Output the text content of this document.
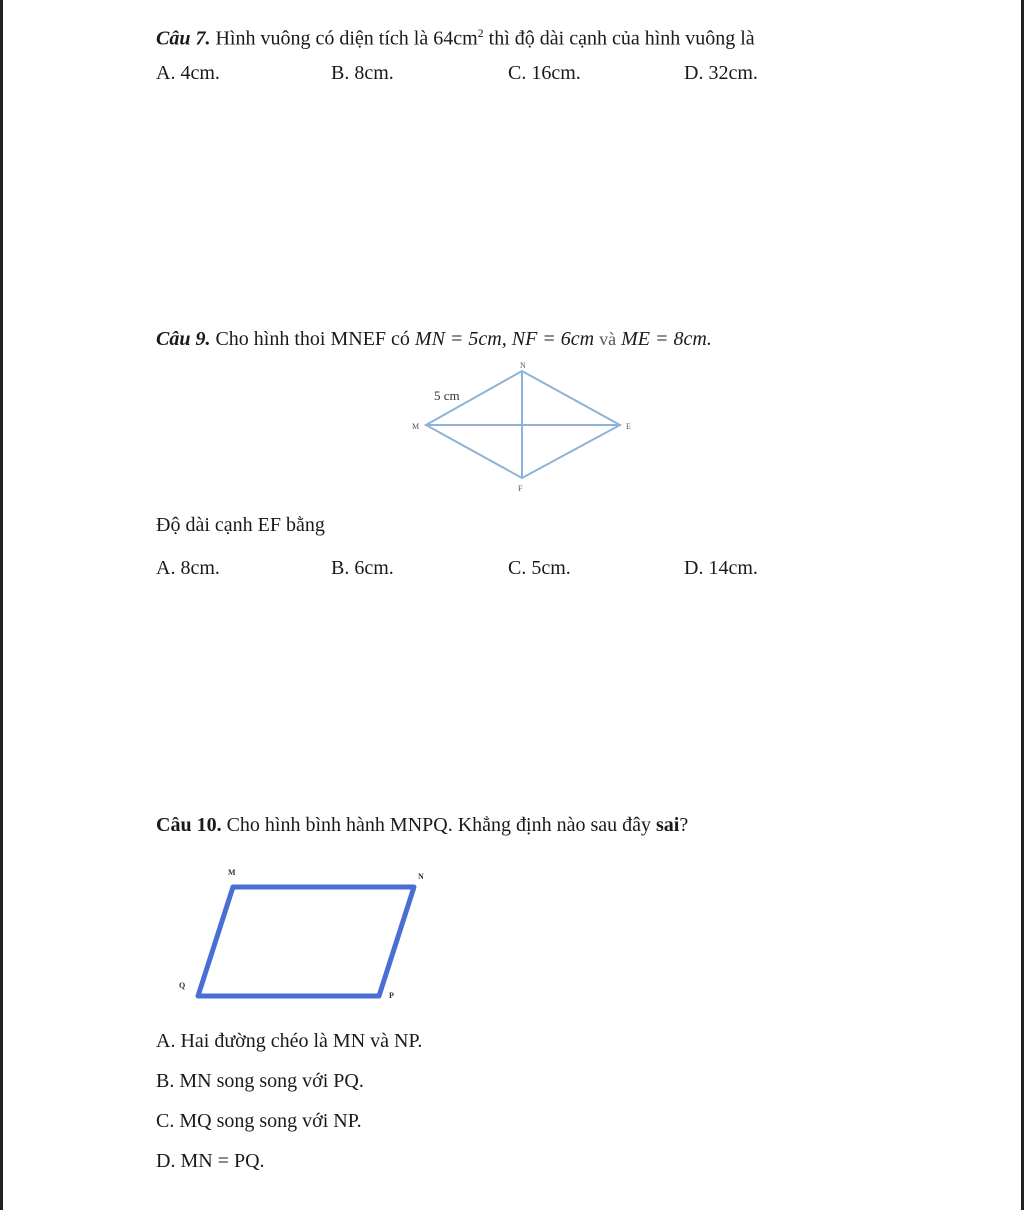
Câu 7. Hình vuông có diện tích là $64cm^2$ thì độ dài cạnh của hình vuông là
A. 4cm.	B. 8cm.	C. 16cm.	D. 32cm.
Câu 9. Cho hình thoi MNEF có MN = 5cm, NF = 6cm và ME = 8cm.
5 cm
N
M	E
F
Độ dài cạnh EF bằng
A. 8cm.	B. 6cm.	C. 5cm.	D. 14cm.
Câu 10. Cho hình bình hành MNPQ. Khẳng định nào sau đây sai?
M	N
Q
P
A. Hai đường chéo là MN và NP.
B. MN song song với PQ.
C. MQ song song với NP.
D. MN = PQ.
